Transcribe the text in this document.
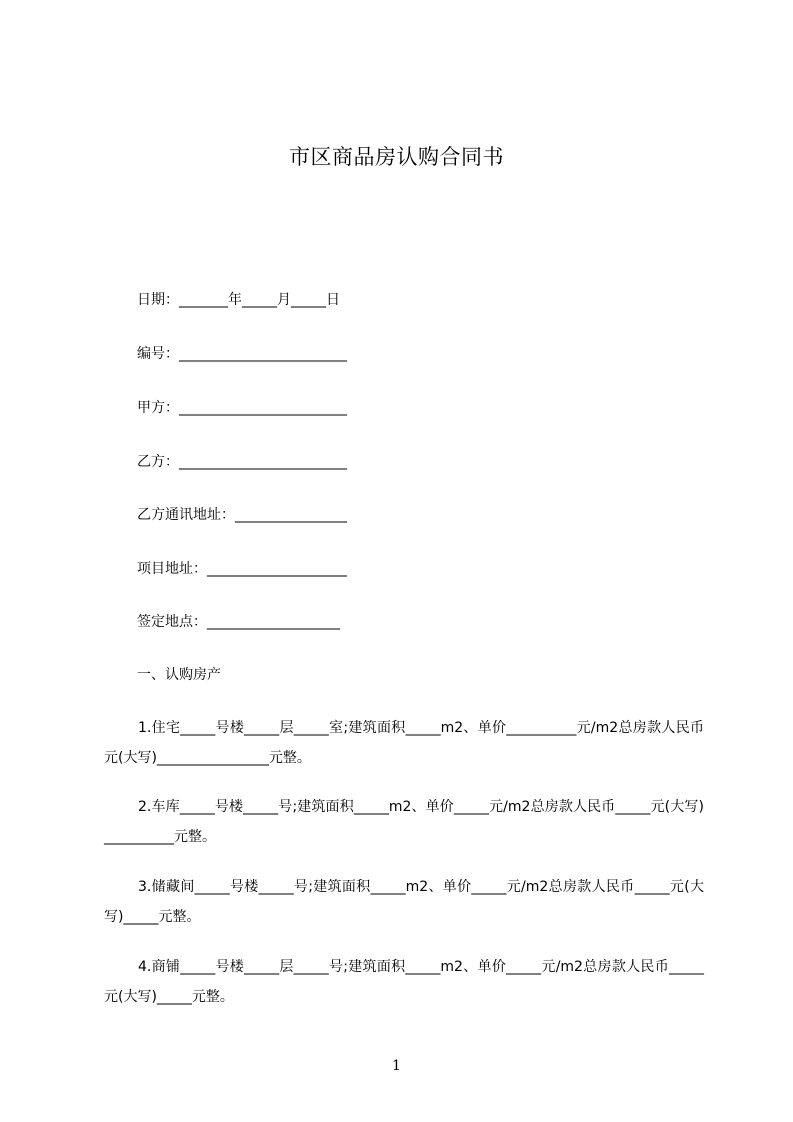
市区商品房认购合同书
日期：_______年_____月_____日
编号：________________________
甲方：________________________
乙方：________________________
乙方通讯地址：________________
项目地址：____________________
签定地点：___________________
一、认购房产
1.住宅_____号楼_____层_____室;建筑面积_____m2、单价__________元/m2总房款人民币元(大写)________________元整。
2.车库_____号楼_____号;建筑面积_____m2、单价_____元/m2总房款人民币_____元(大写)__________元整。
3.储藏间_____号楼_____号;建筑面积_____m2、单价_____元/m2总房款人民币_____元(大写)_____元整。
4.商铺_____号楼_____层_____号;建筑面积_____m2、单价_____元/m2总房款人民币_____元(大写)_____元整。
1
